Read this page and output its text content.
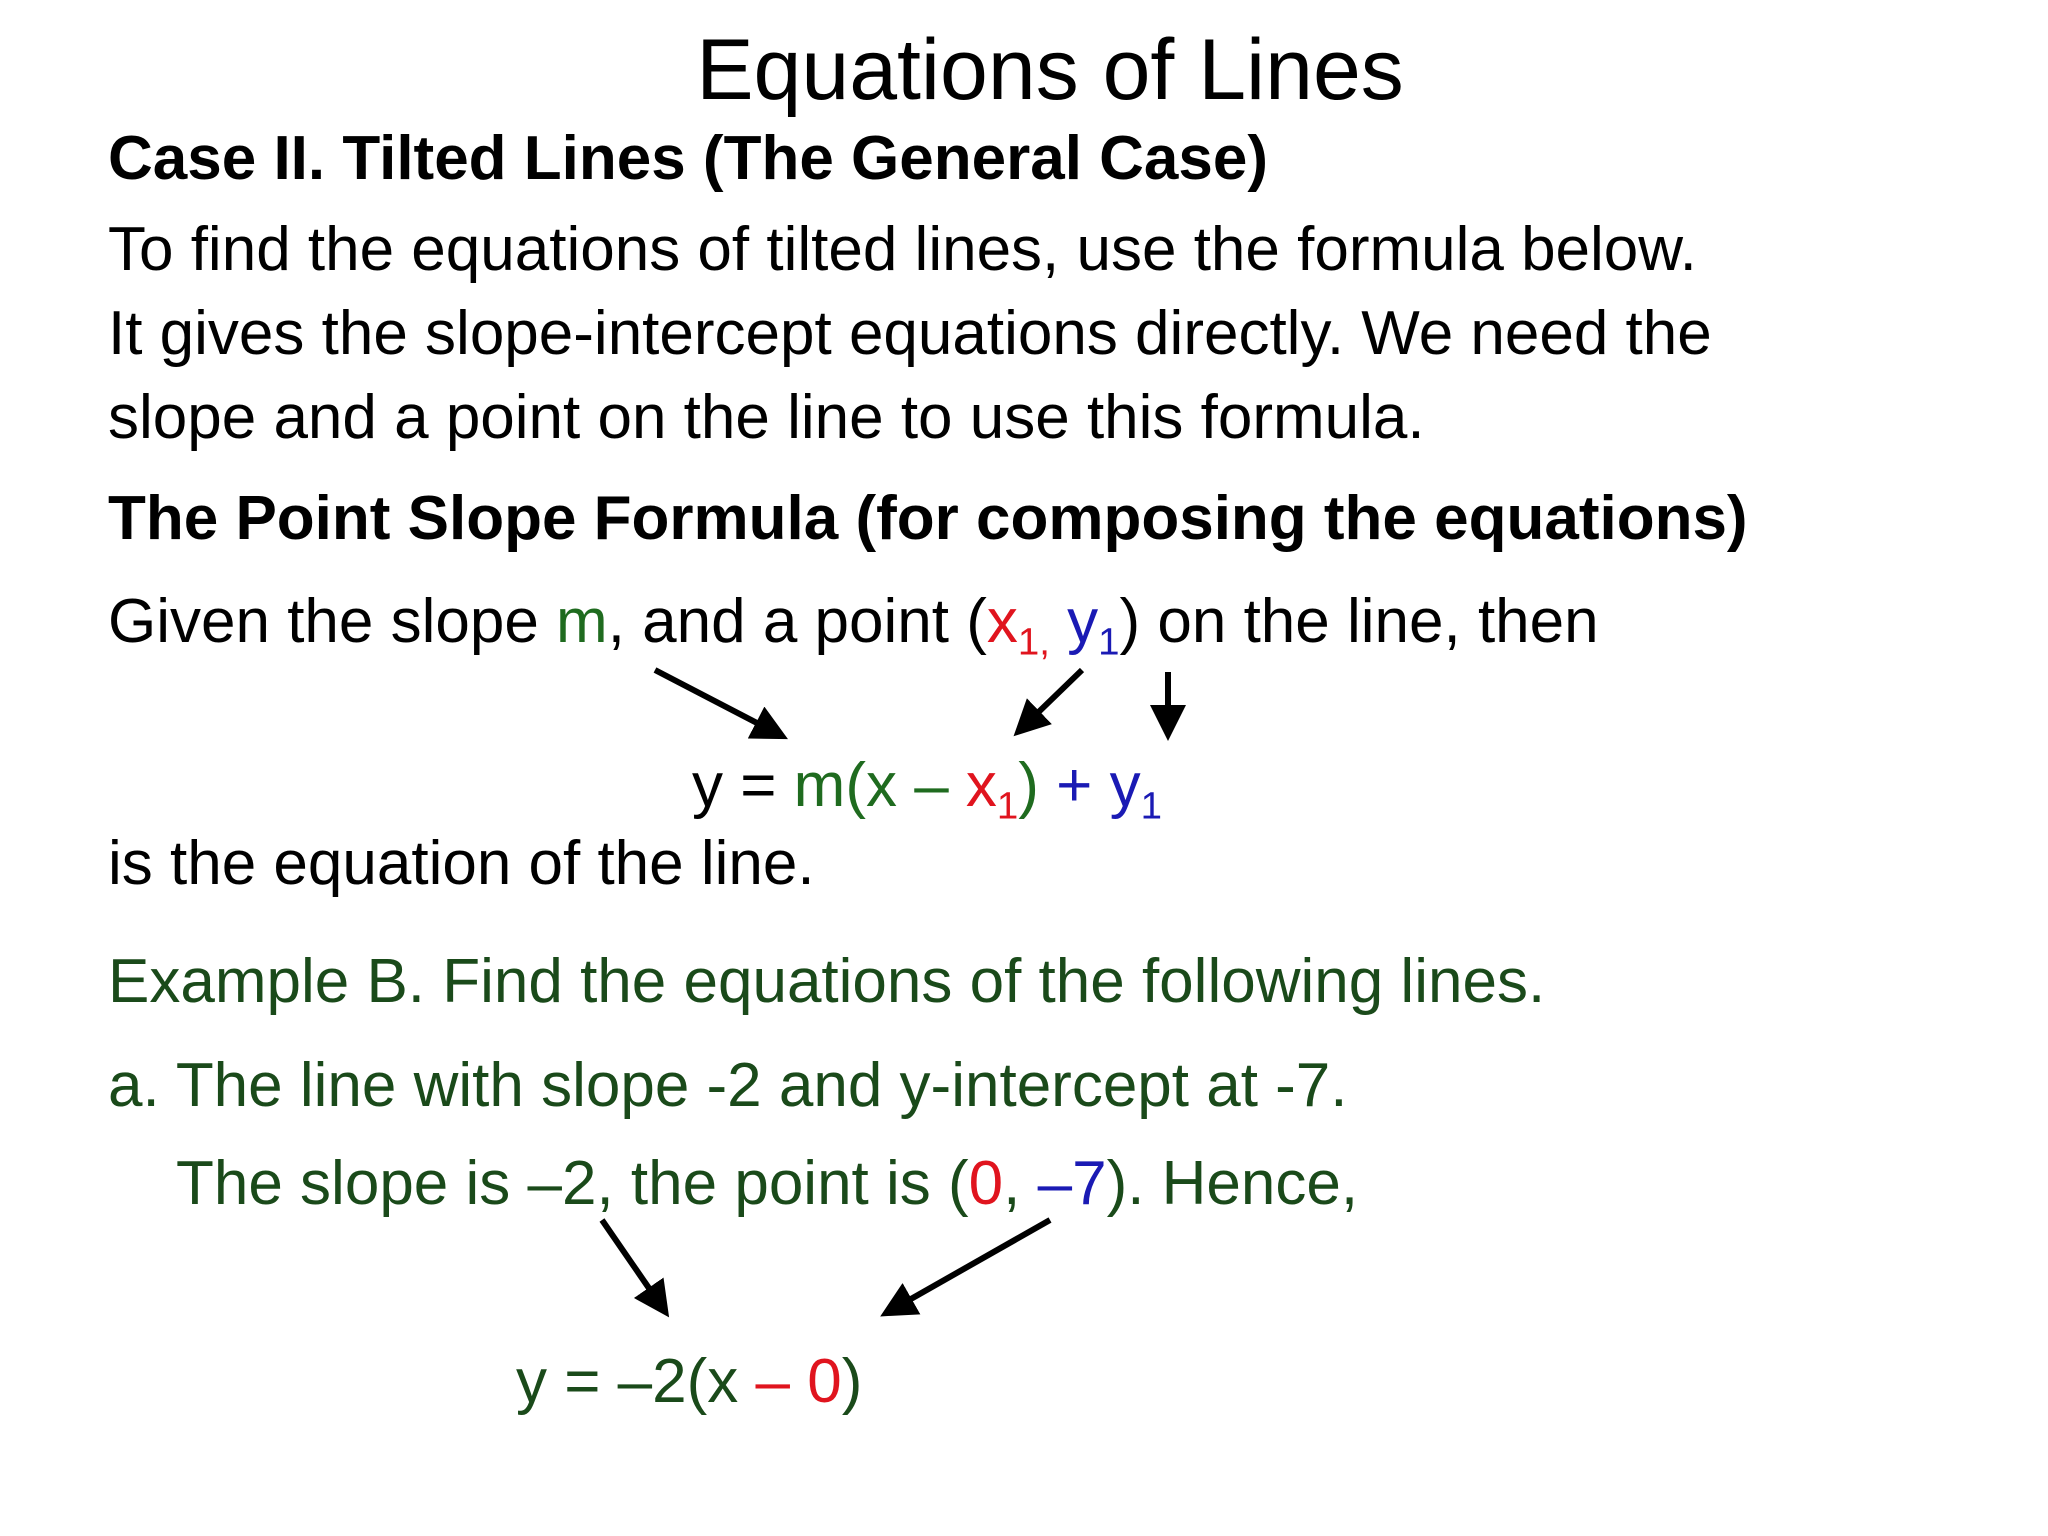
Equations of Lines
Case II. Tilted Lines (The General Case)
To find the equations of tilted lines, use the formula below.
It gives the slope-intercept equations directly. We need the
slope and a point on the line to use this formula.
The Point Slope Formula (for composing the equations)
Given the slope m, and a point ($x_{1,}$ $y_1$) on the line, then
$y = m(x - x_1) + y_1$
is the equation of the line.
Example B. Find the equations of the following lines.
a. The line with slope -2 and y-intercept at -7.
The slope is –2, the point is (0, –7). Hence,
y = –2(x – 0)
